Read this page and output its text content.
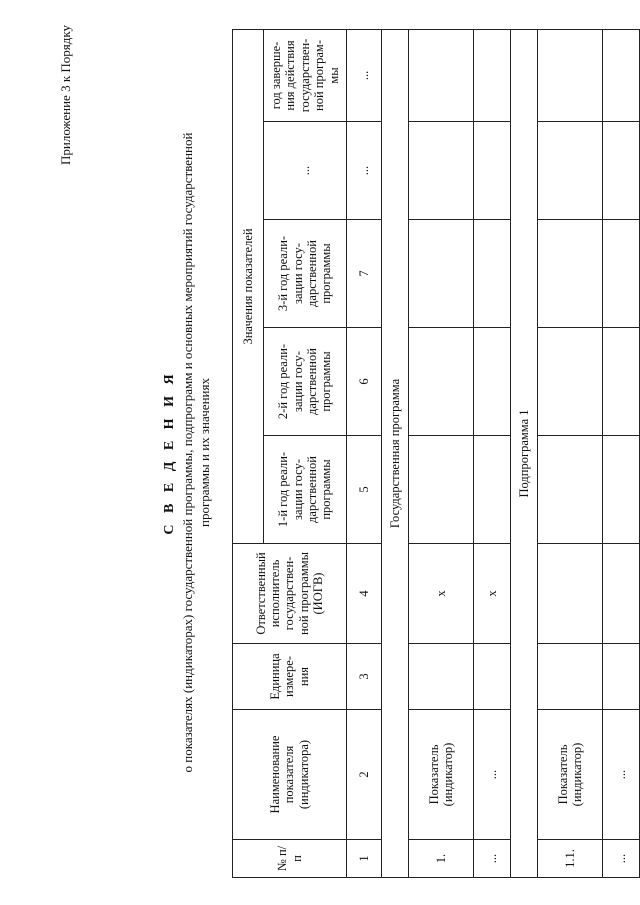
Приложение 3 к Порядку
С В Е Д Е Н И Я о показателях (индикаторах) государственной программы, подпрограмм и основных мероприятий государственной программы и их значениях
№ п/п	Наименование показателя (индикатора)	Единица измере-ния	Ответственный исполнитель государствен-ной программы (ИОГВ)	Значения показателей				
				1-й год реали-зации госу-дарственной программы	2-й год реали-зации госу-дарственной программы	3-й год реали-зации госу-дарственной программы	...	год заверше-ния действия государствен-ной програм-мы
1	2	3	4	5	6	7	...	...
Государственная программа								
1.	Показатель (индикатор)		x					
...	...		x					
Подпрограмма 1								
1.1.	Показатель (индикатор)							
...	...							
